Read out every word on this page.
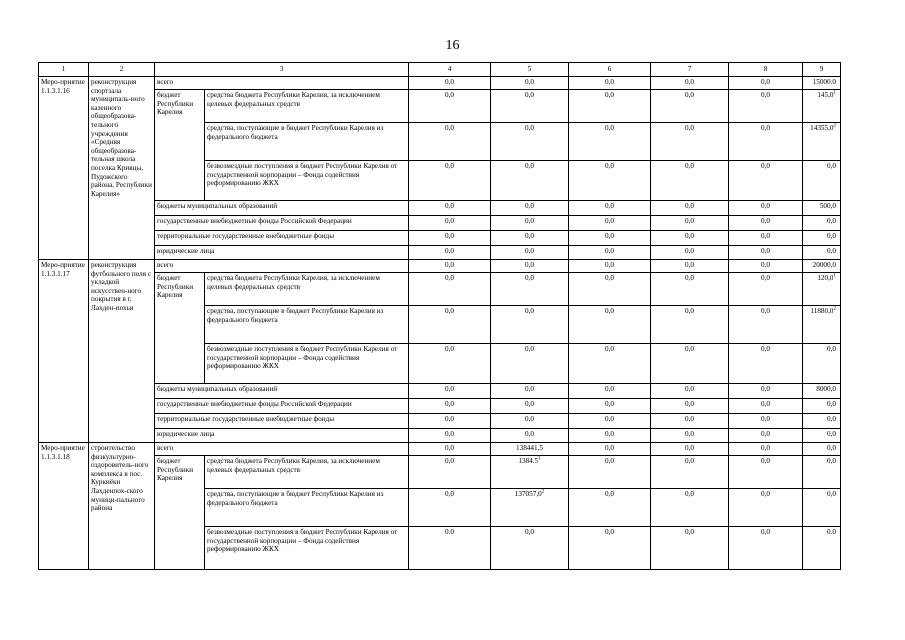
16
1	2	3		4	5	6	7	8	9
Меро-приятие 1.1.3.1.16	реконструкция спортзала муниципаль-ного казенного общеобразова-тельного учреждения «Средняя общеобразова-тельная школа поселка Кривцы, Пудожского района, Республики Карелия»	всего		0,0	0,0	0,0	0,0	0,0	15000.0
		бюджет Республики Карелия	средства бюджета Республики Карелия, за исключением целевых федеральных средств	0,0	0,0	0,0	0,0	0,0	145,0$^1$
			средства, поступающие в бюджет Республики Карелия из федерального бюджета	0,0	0,0	0,0	0,0	0,0	14355,0$^2$
			безвозмездные поступления в бюджет Республики Карелия от государственной корпорации – Фонда содействия реформированию ЖКХ	0,0	0,0	0,0	0,0	0,0	0,0
		бюджеты муниципальных образований		0,0	0,0	0,0	0,0	0,0	500,0
		государственные внебюджетные фонды Российской Федерации		0,0	0,0	0,0	0,0	0,0	0,0
		территориальные государственные внебюджетные фонды		0,0	0,0	0,0	0,0	0,0	0,0
		юридические лица		0,0	0,0	0,0	0,0	0,0	0,0
Меро-приятие 1.1.3.1.17	реконструкция футбольного поля с укладкой искусствен-ного покрытия в г. Лахден-похья	всего		0,0	0,0	0,0	0,0	0,0	20000,0
		бюджет Республики Карелия	средства бюджета Республики Карелия, за исключением целевых федеральных средств	0,0	0,0	0,0	0,0	0,0	120,0$^1$
			средства, поступающие в бюджет Республики Карелия из федерального бюджета	0,0	0,0	0,0	0,0	0,0	11880,0$^2$
			безвозмездные поступления в бюджет Республики Карелия от государственной корпорации – Фонда содействия реформированию ЖКХ	0,0	0,0	0,0	0,0	0,0	0,0
		бюджеты муниципальных образований		0,0	0,0	0,0	0,0	0,0	8000,0
		государственные внебюджетные фонды Российской Федерации		0,0	0,0	0,0	0,0	0,0	0,0
		территориальные государственные внебюджетные фонды		0,0	0,0	0,0	0,0	0,0	0,0
		юридические лица		0,0	0,0	0,0	0,0	0,0	0,0
Меро-приятие 1.1.3.1.18	строительство физкультурно-оздоровитель-ного комплекса в пос. Куркиёки Лахденпох-ского муници-пального района	всего		0,0	138441,5	0,0	0,0	0,0	0,0
		бюджет Республики Карелия	средства бюджета Республики Карелия, за исключением целевых федеральных средств	0,0	1384.5$^1$	0,0	0,0	0,0	0,0
			средства, поступающие в бюджет Республики Карелия из федерального бюджета	0,0	137057,0$^2$	0,0	0,0	0,0	0,0
			безвозмездные поступления в бюджет Республики Карелия от государственной корпорации – Фонда содействия реформированию ЖКХ	0.0	0,0	0,0	0,0	0,0	0.0
